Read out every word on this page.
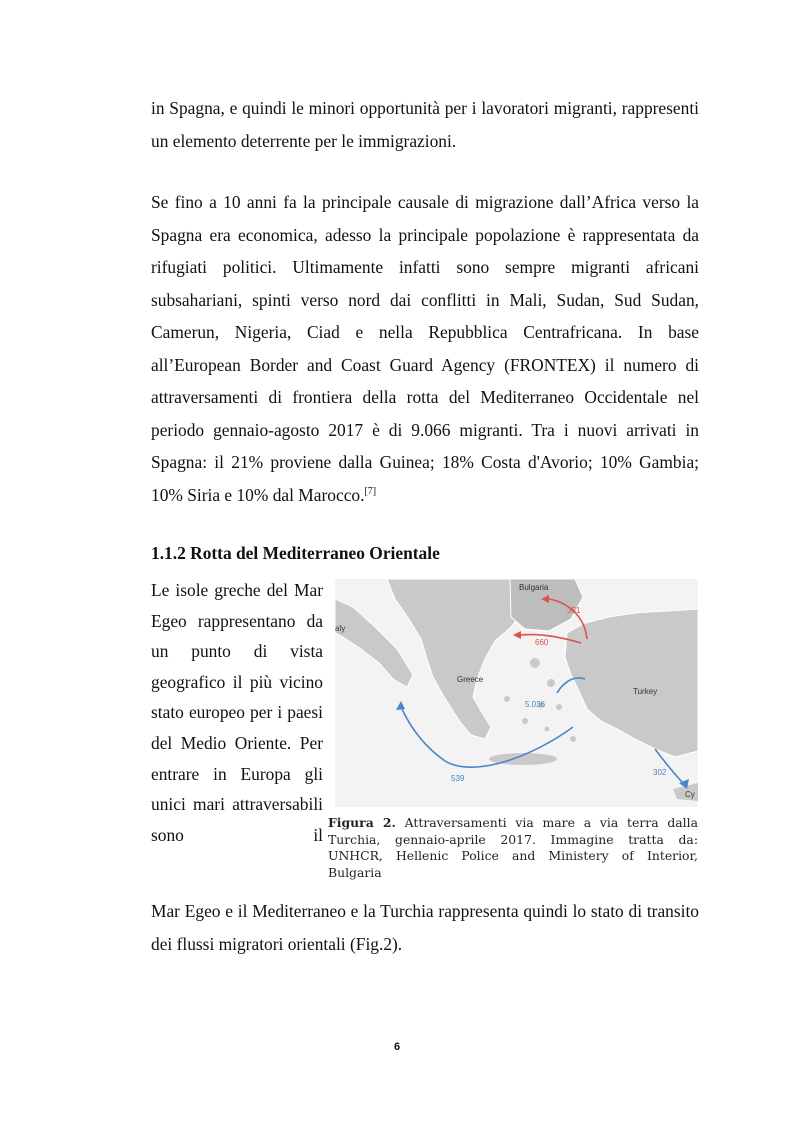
in Spagna, e quindi le minori opportunità per i lavoratori migranti, rappresenti un elemento deterrente per le immigrazioni.

Se fino a 10 anni fa la principale causale di migrazione dall’Africa verso la Spagna era economica, adesso la principale popolazione è rappresentata da rifugiati politici. Ultimamente infatti sono sempre migranti africani subsahariani, spinti verso nord dai conflitti in Mali, Sudan, Sud Sudan, Camerun, Nigeria, Ciad e nella Repubblica Centrafricana. In base all’European Border and Coast Guard Agency (FRONTEX) il numero di attraversamenti di frontiera della rotta del Mediterraneo Occidentale nel periodo gennaio-agosto 2017 è di 9.066 migranti. Tra i nuovi arrivati in Spagna: il 21% proviene dalla Guinea; 18% Costa d'Avorio; 10% Gambia; 10% Siria e 10% dal Marocco.[7]

1.1.2 Rotta del Mediterraneo Orientale

Le isole greche del Mar Egeo rappresentano da un punto di vista geografico il più vicino stato europeo per i paesi del Medio Oriente. Per entrare in Europa gli unici mari attraversabili sono il

Bulgaria
Greece
Turkey
aly
Cy
351
660
5.036
539
302

Figura 2. Attraversamenti via mare a via terra dalla Turchia, gennaio-aprile 2017. Immagine tratta da: UNHCR, Hellenic Police and Ministery of Interior, Bulgaria

Mar Egeo e il Mediterraneo e la Turchia rappresenta quindi lo stato di transito dei flussi migratori orientali (Fig.2).

6
